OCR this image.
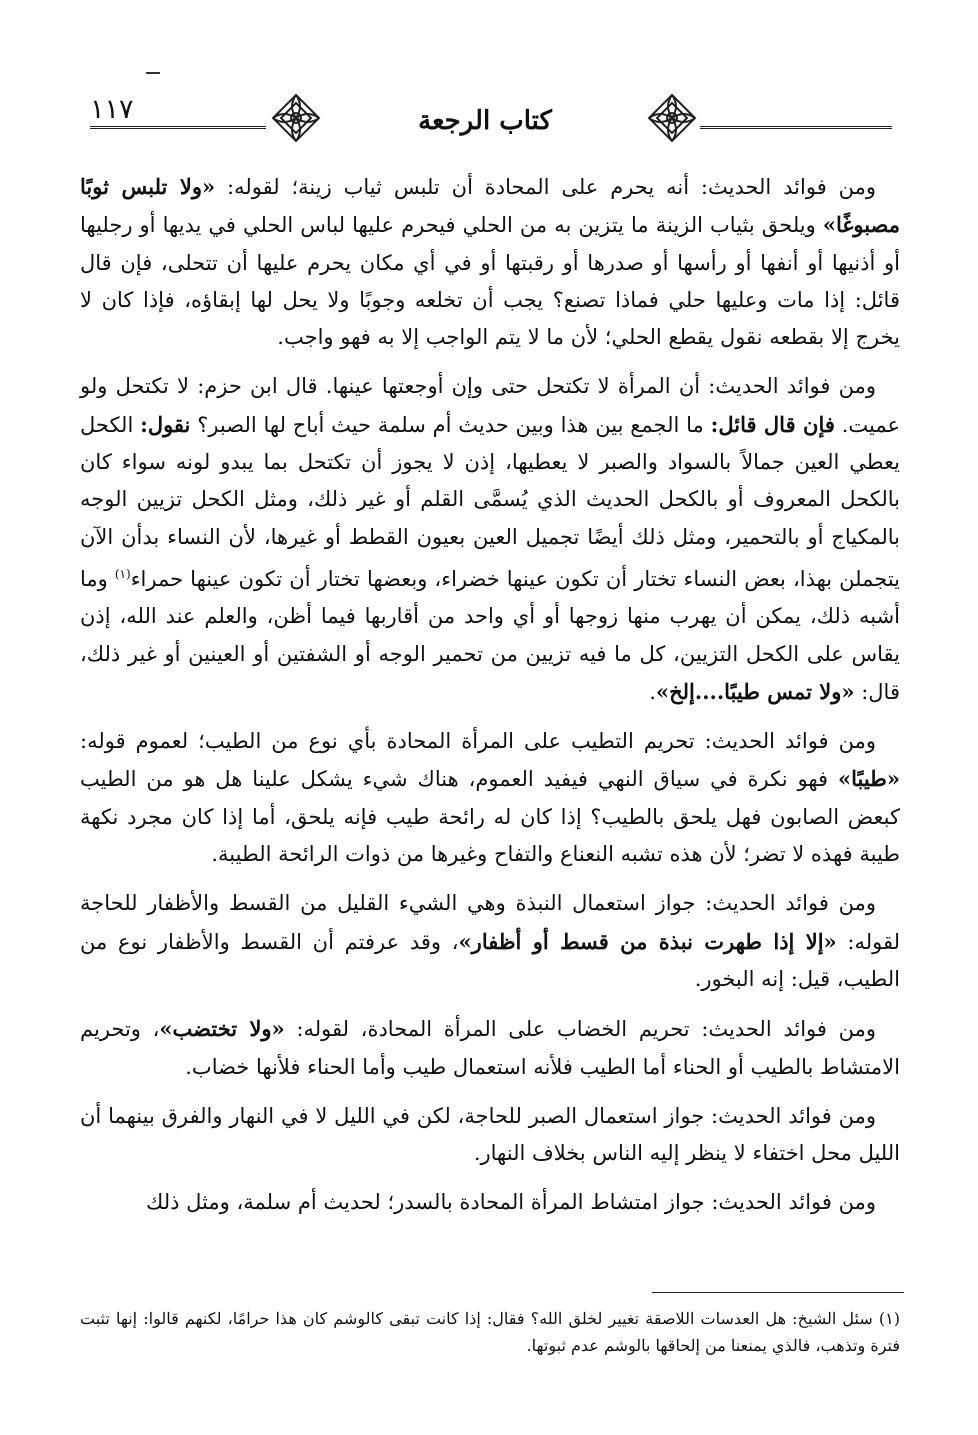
١١٧	كتاب الرجعة

ومن فوائد الحديث: أنه يحرم على المحادة أن تلبس ثياب زينة؛ لقوله: «ولا تلبس ثوبًا مصبوغًا» ويلحق بثياب الزينة ما يتزين به من الحلي فيحرم عليها لباس الحلي في يديها أو رجليها أو أذنيها أو أنفها أو رأسها أو صدرها أو رقبتها أو في أي مكان يحرم عليها أن تتحلى، فإن قال قائل: إذا مات وعليها حلي فماذا تصنع؟ يجب أن تخلعه وجوبًا ولا يحل لها إبقاؤه، فإذا كان لا يخرج إلا بقطعه نقول يقطع الحلي؛ لأن ما لا يتم الواجب إلا به فهو واجب.

ومن فوائد الحديث: أن المرأة لا تكتحل حتى وإن أوجعتها عينها. قال ابن حزم: لا تكتحل ولو عميت. فإن قال قائل: ما الجمع بين هذا وبين حديث أم سلمة حيث أباح لها الصبر؟ نقول: الكحل يعطي العين جمالاً بالسواد والصبر لا يعطيها، إذن لا يجوز أن تكتحل بما يبدو لونه سواء كان بالكحل المعروف أو بالكحل الحديث الذي يُسمَّى القلم أو غير ذلك، ومثل الكحل تزيين الوجه بالمكياج أو بالتحمير، ومثل ذلك أيضًا تجميل العين بعيون القطط أو غيرها، لأن النساء بدأن الآن يتجملن بهذا، بعض النساء تختار أن تكون عينها خضراء، وبعضها تختار أن تكون عينها حمراء$^{(١)}$ وما أشبه ذلك، يمكن أن يهرب منها زوجها أو أي واحد من أقاربها فيما أظن، والعلم عند الله، إذن يقاس على الكحل التزيين، كل ما فيه تزيين من تحمير الوجه أو الشفتين أو العينين أو غير ذلك، قال: «ولا تمس طيبًا....إلخ».

ومن فوائد الحديث: تحريم التطيب على المرأة المحادة بأي نوع من الطيب؛ لعموم قوله: «طيبًا» فهو نكرة في سياق النهي فيفيد العموم، هناك شيء يشكل علينا هل هو من الطيب كبعض الصابون فهل يلحق بالطيب؟ إذا كان له رائحة طيب فإنه يلحق، أما إذا كان مجرد نكهة طيبة فهذه لا تضر؛ لأن هذه تشبه النعناع والتفاح وغيرها من ذوات الرائحة الطيبة.

ومن فوائد الحديث: جواز استعمال النبذة وهي الشيء القليل من القسط والأظفار للحاجة لقوله: «إلا إذا طهرت نبذة من قسط أو أظفار»، وقد عرفتم أن القسط والأظفار نوع من الطيب، قيل: إنه البخور.

ومن فوائد الحديث: تحريم الخضاب على المرأة المحادة، لقوله: «ولا تختضب»، وتحريم الامتشاط بالطيب أو الحناء أما الطيب فلأنه استعمال طيب وأما الحناء فلأنها خضاب.

ومن فوائد الحديث: جواز استعمال الصبر للحاجة، لكن في الليل لا في النهار والفرق بينهما أن الليل محل اختفاء لا ينظر إليه الناس بخلاف النهار.

ومن فوائد الحديث: جواز امتشاط المرأة المحادة بالسدر؛ لحديث أم سلمة، ومثل ذلك

(١) سئل الشيخ: هل العدسات اللاصقة تغيير لخلق الله؟ فقال: إذا كانت تبقى كالوشم كان هذا حرامًا، لكنهم قالوا: إنها تثبت فترة وتذهب، فالذي يمنعنا من إلحاقها بالوشم عدم ثبوتها.
